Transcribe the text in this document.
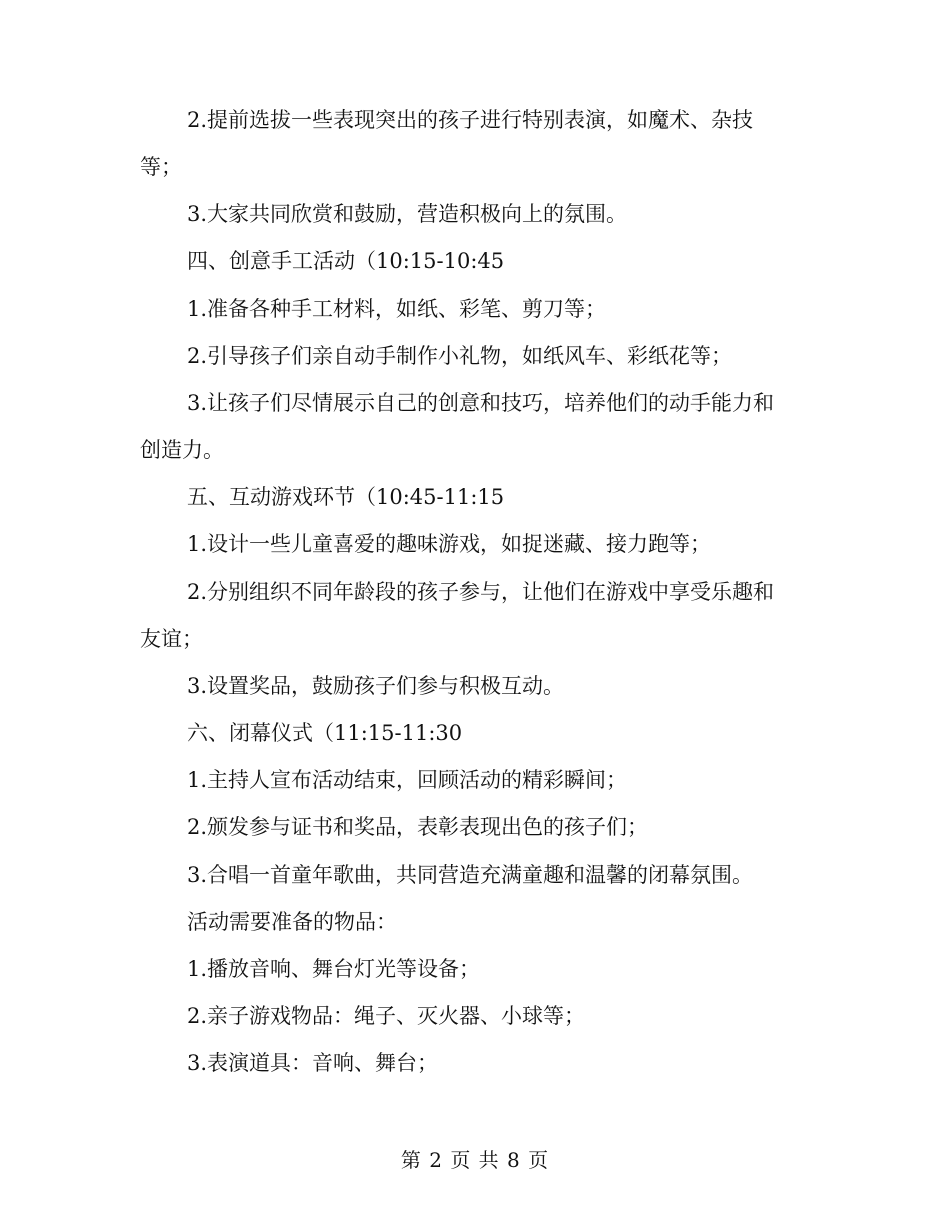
2.提前选拔一些表现突出的孩子进行特别表演，如魔术、杂技

等；

3.大家共同欣赏和鼓励，营造积极向上的氛围。

四、创意手工活动（10:15-10:45

1.准备各种手工材料，如纸、彩笔、剪刀等；

2.引导孩子们亲自动手制作小礼物，如纸风车、彩纸花等；

3.让孩子们尽情展示自己的创意和技巧，培养他们的动手能力和

创造力。

五、互动游戏环节（10:45-11:15

1.设计一些儿童喜爱的趣味游戏，如捉迷藏、接力跑等；

2.分别组织不同年龄段的孩子参与，让他们在游戏中享受乐趣和

友谊；

3.设置奖品，鼓励孩子们参与积极互动。

六、闭幕仪式（11:15-11:30

1.主持人宣布活动结束，回顾活动的精彩瞬间；

2.颁发参与证书和奖品，表彰表现出色的孩子们；

3.合唱一首童年歌曲，共同营造充满童趣和温馨的闭幕氛围。

活动需要准备的物品：

1.播放音响、舞台灯光等设备；

2.亲子游戏物品：绳子、灭火器、小球等；

3.表演道具：音响、舞台；

第 2 页 共 8 页
